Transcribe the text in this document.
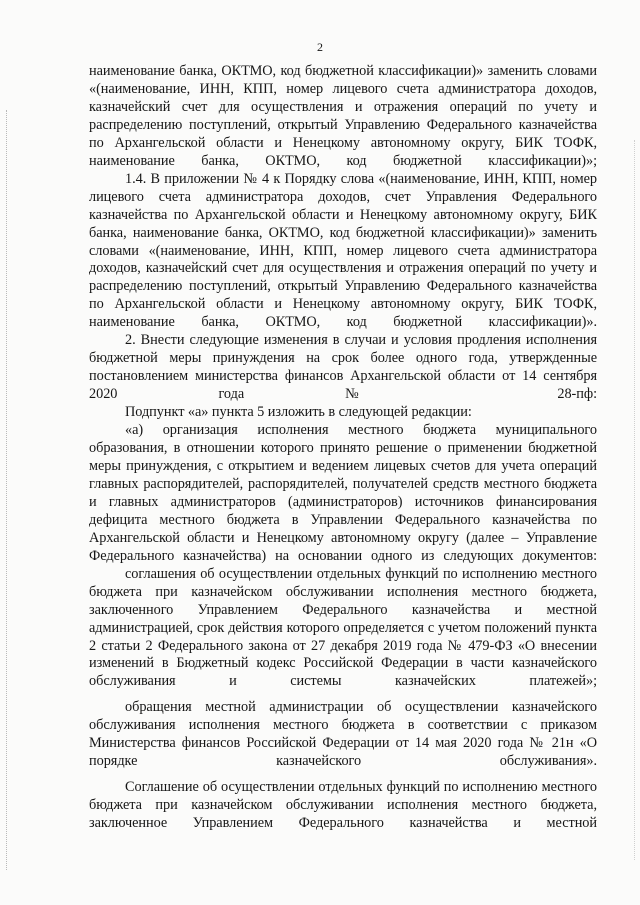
2

наименование банка, ОКТМО, код бюджетной классификации)» заменить словами «(наименование, ИНН, КПП, номер лицевого счета администратора доходов, казначейский счет для осуществления и отражения операций по учету и распределению поступлений, открытый Управлению Федерального казначейства по Архангельской области и Ненецкому автономному округу, БИК ТОФК, наименование банка, ОКТМО, код бюджетной классификации)»;

1.4. В приложении № 4 к Порядку слова «(наименование, ИНН, КПП, номер лицевого счета администратора доходов, счет Управления Федерального казначейства по Архангельской области и Ненецкому автономному округу, БИК банка, наименование банка, ОКТМО, код бюджетной классификации)» заменить словами «(наименование, ИНН, КПП, номер лицевого счета администратора доходов, казначейский счет для осуществления и отражения операций по учету и распределению поступлений, открытый Управлению Федерального казначейства по Архангельской области и Ненецкому автономному округу, БИК ТОФК, наименование банка, ОКТМО, код бюджетной классификации)».

2. Внести следующие изменения в случаи и условия продления исполнения бюджетной меры принуждения на срок более одного года, утвержденные постановлением министерства финансов Архангельской области от 14 сентября 2020 года № 28-пф:

Подпункт «а» пункта 5 изложить в следующей редакции:

«а) организация исполнения местного бюджета муниципального образования, в отношении которого принято решение о применении бюджетной меры принуждения, с открытием и ведением лицевых счетов для учета операций главных распорядителей, распорядителей, получателей средств местного бюджета и главных администраторов (администраторов) источников финансирования дефицита местного бюджета в Управлении Федерального казначейства по Архангельской области и Ненецкому автономному округу (далее – Управление Федерального казначейства) на основании одного из следующих документов:

соглашения об осуществлении отдельных функций по исполнению местного бюджета при казначейском обслуживании исполнения местного бюджета, заключенного Управлением Федерального казначейства и местной администрацией, срок действия которого определяется с учетом положений пункта 2 статьи 2 Федерального закона от 27 декабря 2019 года № 479-ФЗ «О внесении изменений в Бюджетный кодекс Российской Федерации в части казначейского обслуживания и системы казначейских платежей»;

обращения местной администрации об осуществлении казначейского обслуживания исполнения местного бюджета в соответствии с приказом Министерства финансов Российской Федерации от 14 мая 2020 года № 21н «О порядке казначейского обслуживания».

Соглашение об осуществлении отдельных функций по исполнению местного бюджета при казначейском обслуживании исполнения местного бюджета, заключенное Управлением Федерального казначейства и местной
